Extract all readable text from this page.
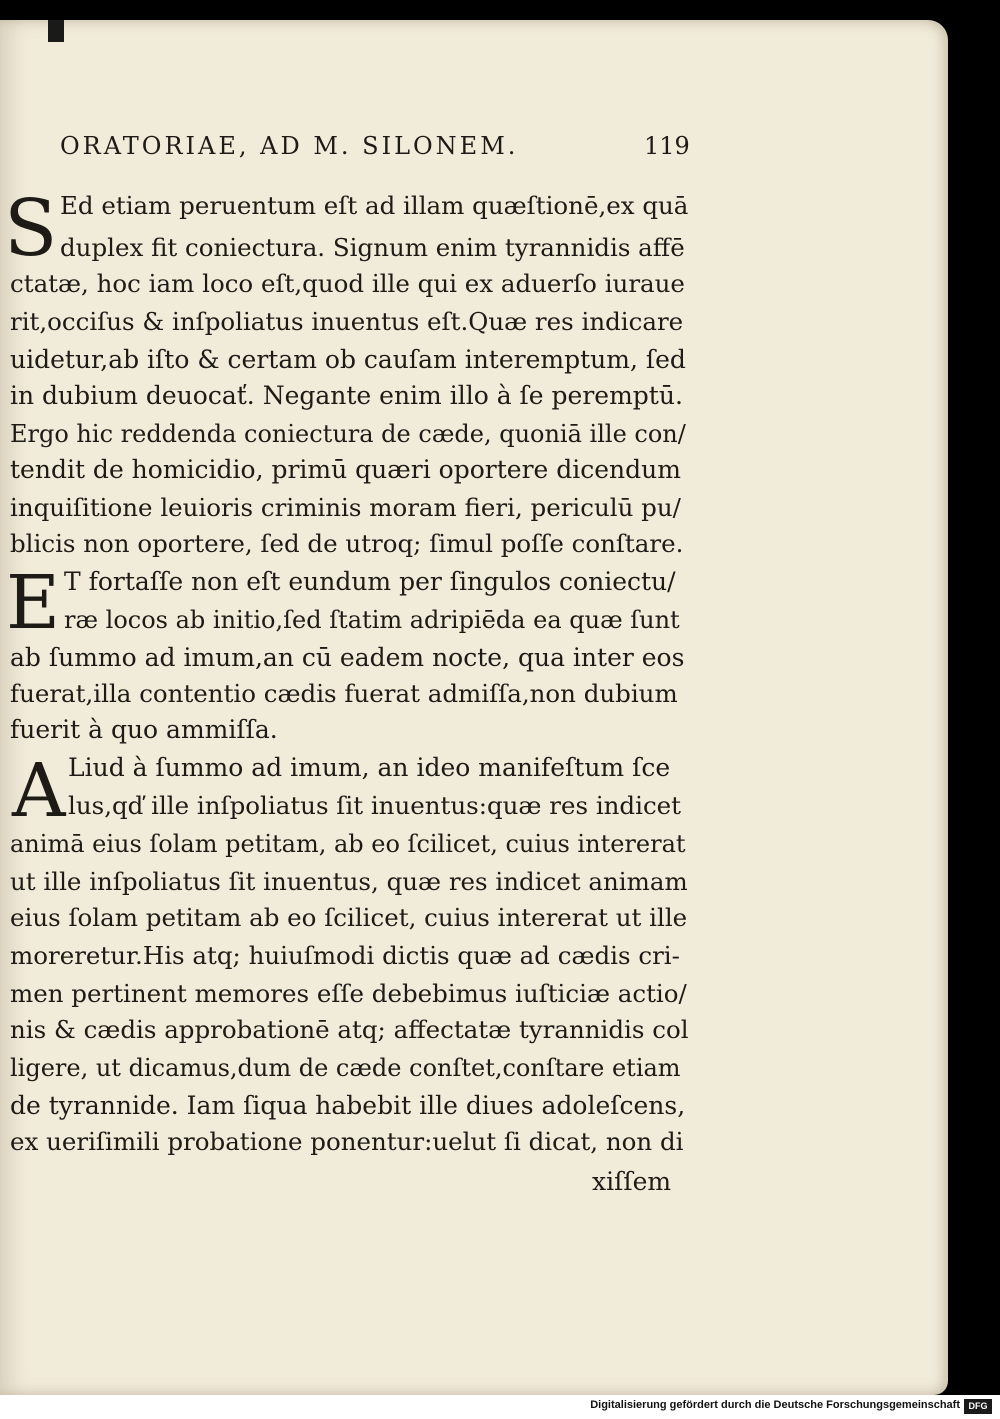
ORATORIAE, AD M. SILONEM.	119
S Ed etiam peruentum eſt ad illam quæſtionē,ex quā
duplex fit coniectura. Signum enim tyrannidis affē
ctatæ, hoc iam loco eſt,quod ille qui ex aduerſo iuraue
rit,occiſus & inſpoliatus inuentus eſt.Quæ res indicare
uidetur,ab iſto & certam ob cauſam interemptum, ſed
in dubium deuocať. Negante enim illo à ſe peremptū.
Ergo hic reddenda coniectura de cæde, quoniā ille con/
tendit de homicidio, primū quæri oportere dicendum
inquiſitione leuioris criminis moram fieri, periculū pu/
blicis non oportere, ſed de utroq; ſimul poſſe conſtare.
E T fortaſſe non eſt eundum per ſingulos coniectu/
ræ locos ab initio,ſed ſtatim adripiēda ea quæ ſunt
ab ſummo ad imum,an cū eadem nocte, qua inter eos
fuerat,illa contentio cædis fuerat admiſſa,non dubium
fuerit à quo ammiſſa.
A Liud à ſummo ad imum, an ideo manifeſtum ſce
lus,qď ille inſpoliatus ſit inuentus:quæ res indicet
animā eius ſolam petitam, ab eo ſcilicet, cuius intererat
ut ille inſpoliatus ſit inuentus, quæ res indicet animam
eius ſolam petitam ab eo ſcilicet, cuius intererat ut ille
moreretur.His atq; huiuſmodi dictis quæ ad cædis cri-
men pertinent memores eſſe debebimus iuſticiæ actio/
nis & cædis approbationē atq; affectatæ tyrannidis col
ligere, ut dicamus,dum de cæde conſtet,conſtare etiam
de tyrannide. Iam ſiqua habebit ille diues adoleſcens,
ex ueriſimili probatione ponentur:uelut ſi dicat, non di
xiſſem
Digitalisierung gefördert durch die Deutsche Forschungsgemeinschaft DFG
